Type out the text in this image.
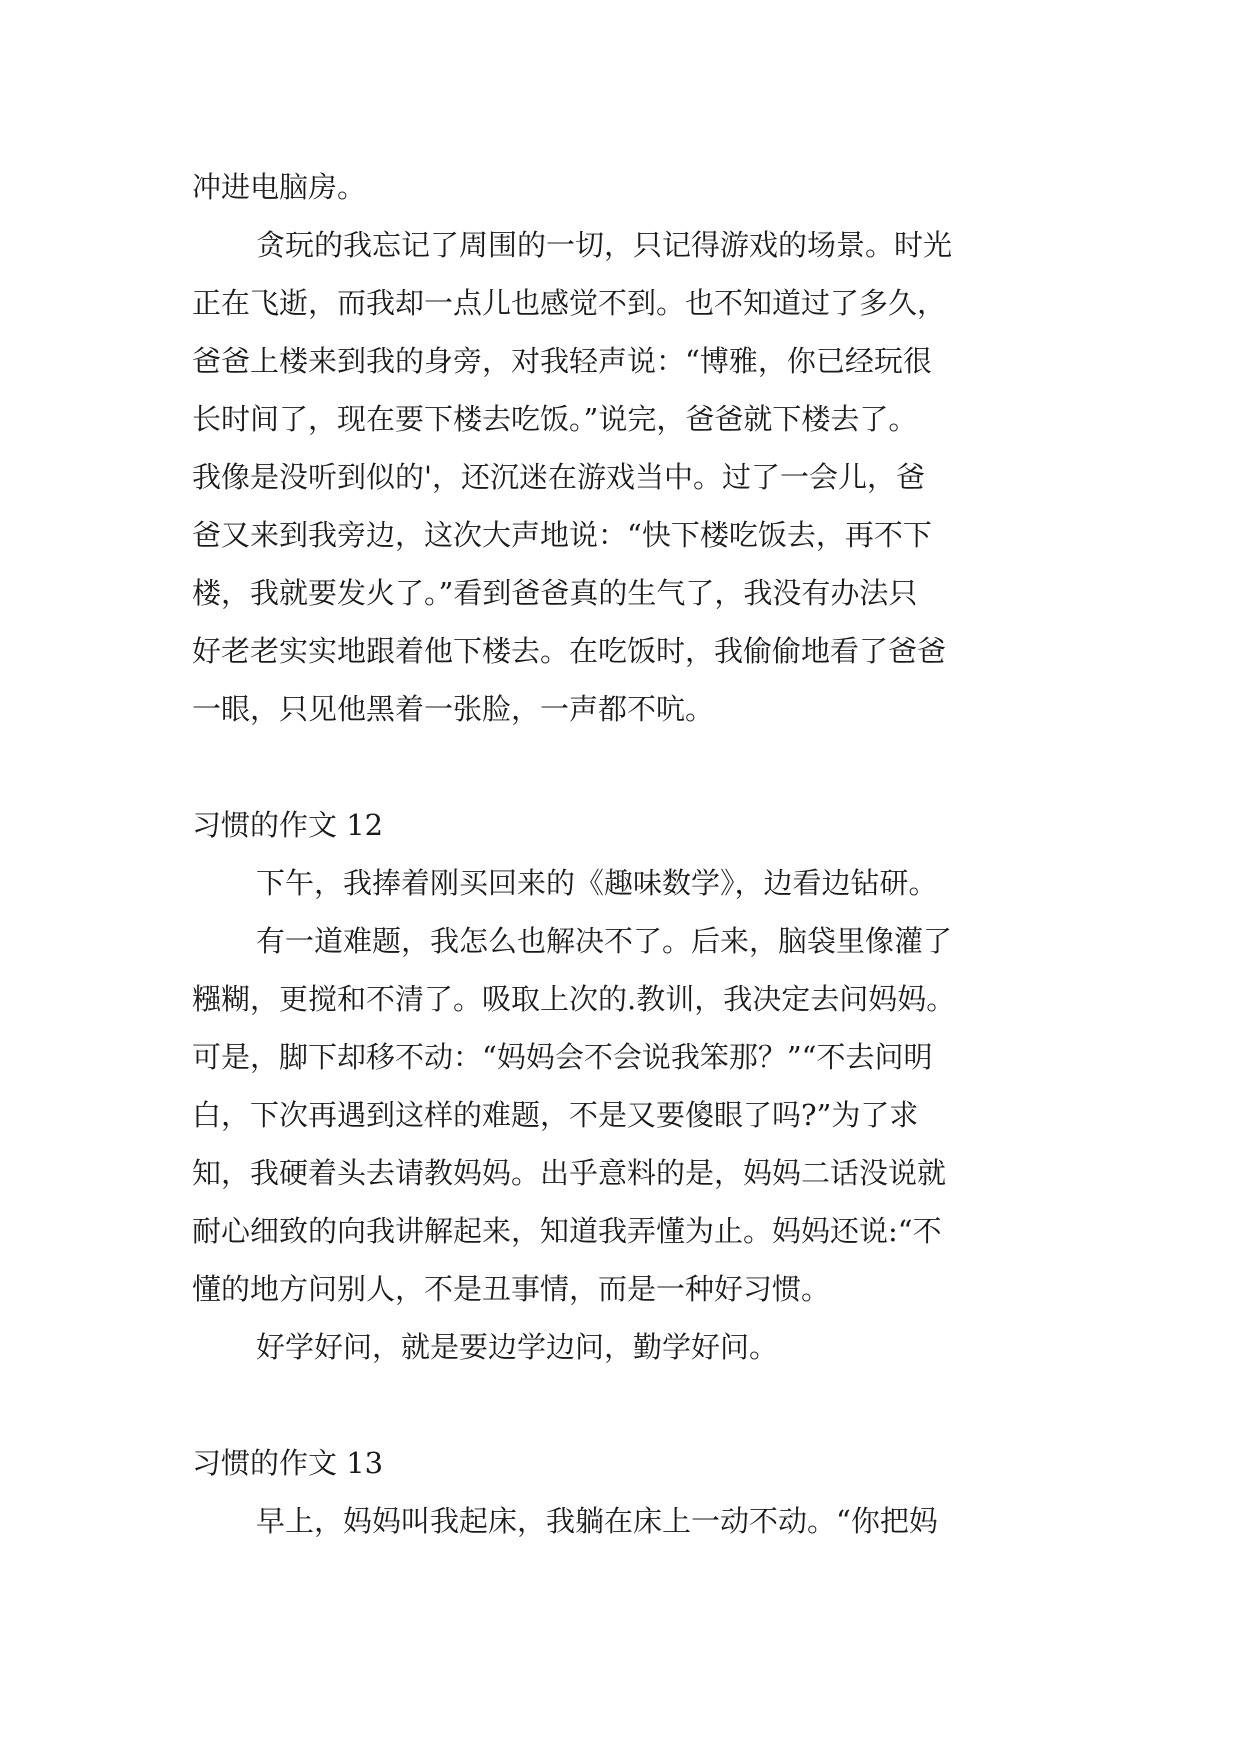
冲进电脑房。
贪玩的我忘记了周围的一切，只记得游戏的场景。时光
正在飞逝，而我却一点儿也感觉不到。也不知道过了多久，
爸爸上楼来到我的身旁，对我轻声说：“博雅，你已经玩很
长时间了，现在要下楼去吃饭。”说完，爸爸就下楼去了。
我像是没听到似的'，还沉迷在游戏当中。过了一会儿，爸
爸又来到我旁边，这次大声地说：“快下楼吃饭去，再不下
楼，我就要发火了。”看到爸爸真的生气了，我没有办法只
好老老实实地跟着他下楼去。在吃饭时，我偷偷地看了爸爸
一眼，只见他黑着一张脸，一声都不吭。
习惯的作文 12
下午，我捧着刚买回来的《趣味数学》，边看边钻研。
有一道难题，我怎么也解决不了。后来，脑袋里像灌了
糨糊，更搅和不清了。吸取上次的.教训，我决定去问妈妈。
可是，脚下却移不动：“妈妈会不会说我笨那？”“不去问明
白，下次再遇到这样的难题，不是又要傻眼了吗?”为了求
知，我硬着头去请教妈妈。出乎意料的是，妈妈二话没说就
耐心细致的向我讲解起来，知道我弄懂为止。妈妈还说:“不
懂的地方问别人，不是丑事情，而是一种好习惯。
好学好问，就是要边学边问，勤学好问。
习惯的作文 13
早上，妈妈叫我起床，我躺在床上一动不动。“你把妈
